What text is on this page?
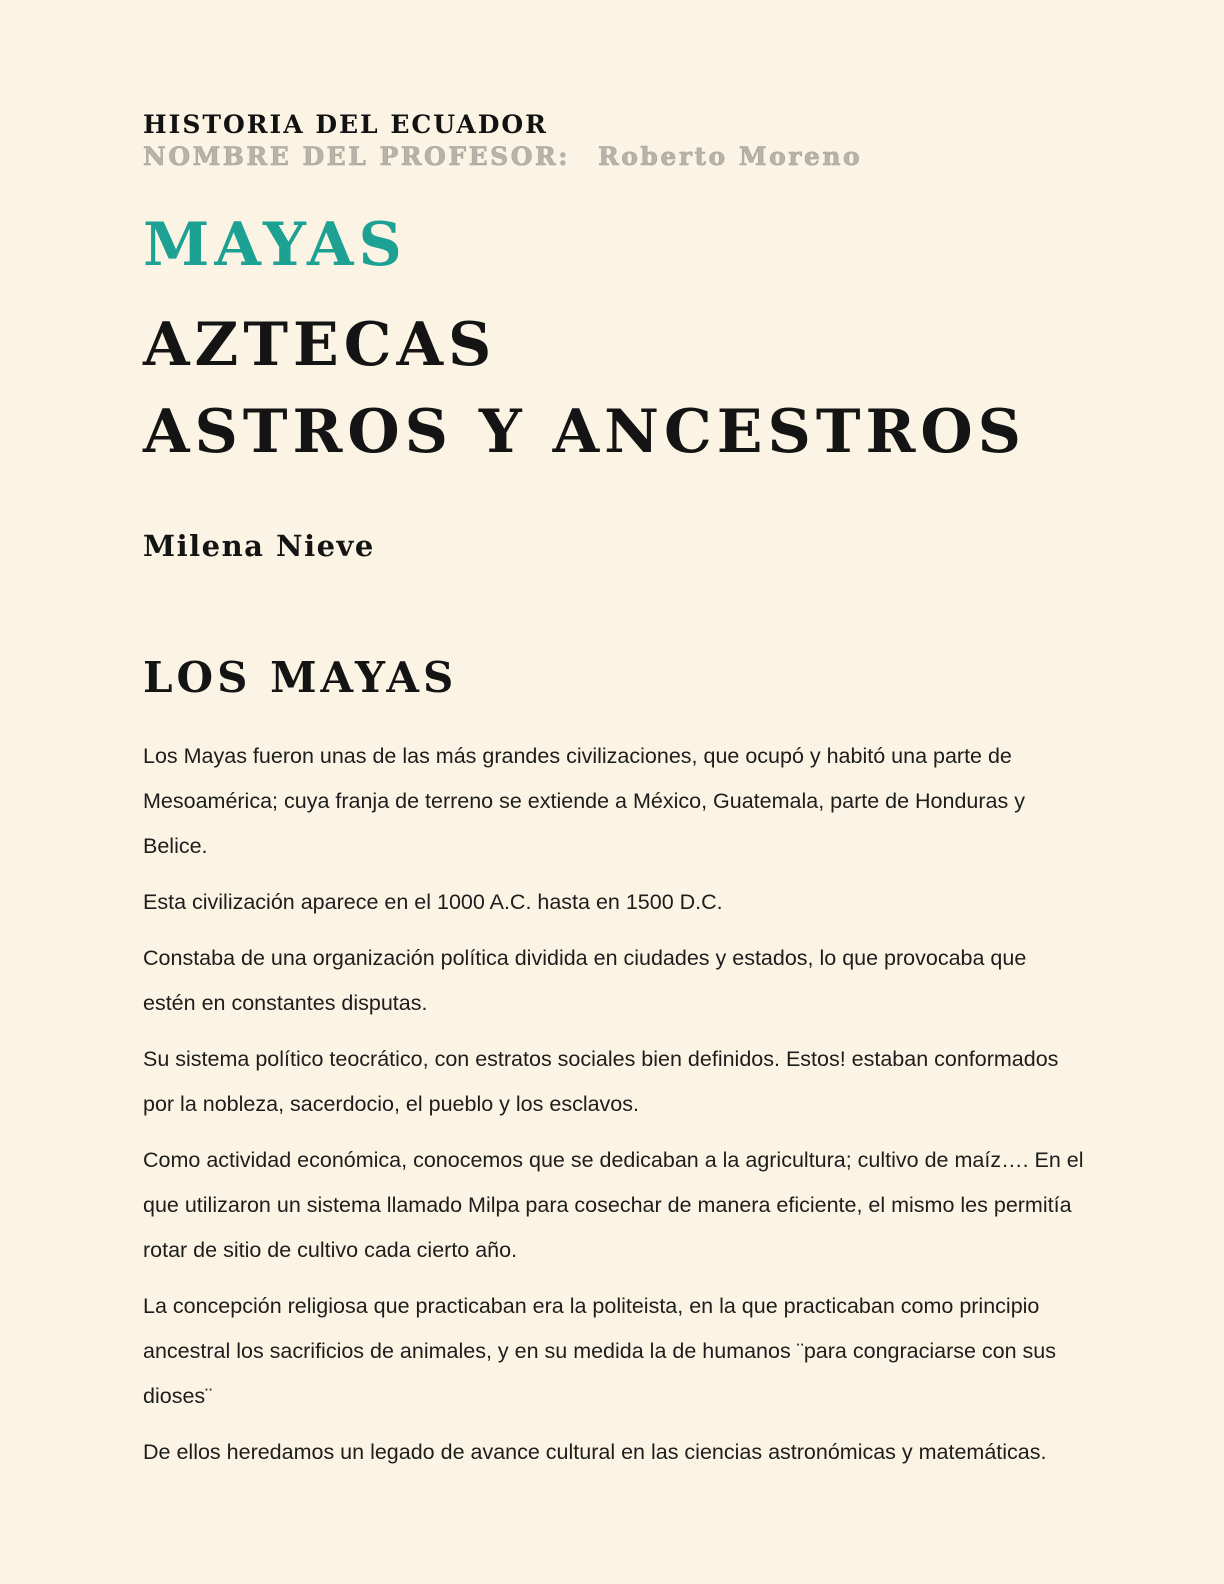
HISTORIA DEL ECUADOR
NOMBRE DEL PROFESOR: Roberto Moreno
MAYAS
AZTECAS
ASTROS Y ANCESTROS
Milena Nieve
LOS MAYAS

Los Mayas fueron unas de las más grandes civilizaciones, que ocupó y habitó una parte de Mesoamérica; cuya franja de terreno se extiende a México, Guatemala, parte de Honduras y Belice.

Esta civilización aparece en el 1000 A.C. hasta en 1500 D.C.

Constaba de una organización política dividida en ciudades y estados, lo que provocaba que estén en constantes disputas.

Su sistema político teocrático, con estratos sociales bien definidos. Estos! estaban conformados por la nobleza, sacerdocio, el pueblo y los esclavos.

Como actividad económica, conocemos que se dedicaban a la agricultura; cultivo de maíz…. En el que utilizaron un sistema llamado Milpa para cosechar de manera eficiente, el mismo les permitía rotar de sitio de cultivo cada cierto año.

La concepción religiosa que practicaban era la politeista, en la que practicaban como principio ancestral los sacrificios de animales, y en su medida la de humanos ¨para congraciarse con sus dioses¨

De ellos heredamos un legado de avance cultural en las ciencias astronómicas y matemáticas.
